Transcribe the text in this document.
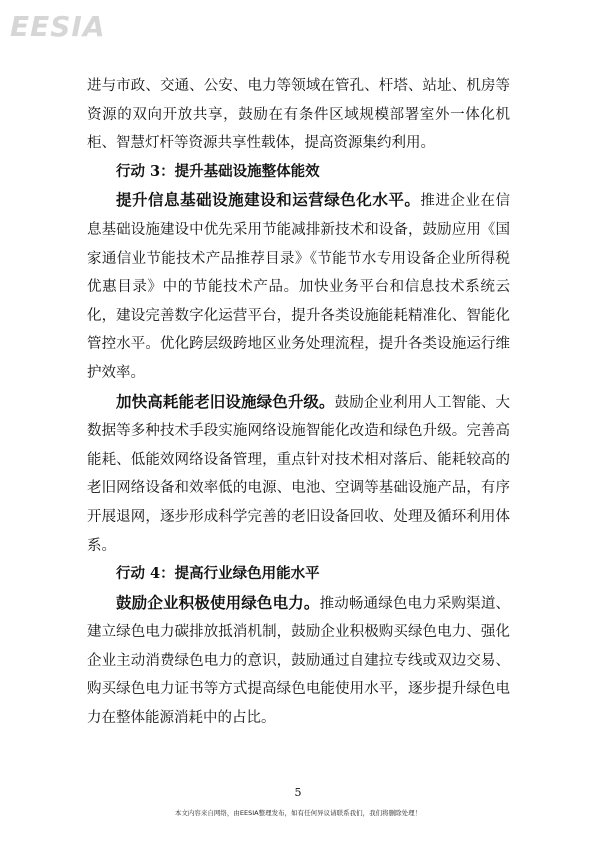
EESIA

进与市政、交通、公安、电力等领域在管孔、杆塔、站址、机房等资源的双向开放共享，鼓励在有条件区域规模部署室外一体化机柜、智慧灯杆等资源共享性载体，提高资源集约利用。

行动 3：提升基础设施整体能效

提升信息基础设施建设和运营绿色化水平。推进企业在信息基础设施建设中优先采用节能减排新技术和设备，鼓励应用《国家通信业节能技术产品推荐目录》《节能节水专用设备企业所得税优惠目录》中的节能技术产品。加快业务平台和信息技术系统云化，建设完善数字化运营平台，提升各类设施能耗精准化、智能化管控水平。优化跨层级跨地区业务处理流程，提升各类设施运行维护效率。

加快高耗能老旧设施绿色升级。鼓励企业利用人工智能、大数据等多种技术手段实施网络设施智能化改造和绿色升级。完善高能耗、低能效网络设备管理，重点针对技术相对落后、能耗较高的老旧网络设备和效率低的电源、电池、空调等基础设施产品，有序开展退网，逐步形成科学完善的老旧设备回收、处理及循环利用体系。

行动 4：提高行业绿色用能水平

鼓励企业积极使用绿色电力。推动畅通绿色电力采购渠道、建立绿色电力碳排放抵消机制，鼓励企业积极购买绿色电力、强化企业主动消费绿色电力的意识，鼓励通过自建拉专线或双边交易、购买绿色电力证书等方式提高绿色电能使用水平，逐步提升绿色电力在整体能源消耗中的占比。

5
本文内容来自网络，由EESIA整理发布，如有任何异议请联系我们，我们将删除处理！
